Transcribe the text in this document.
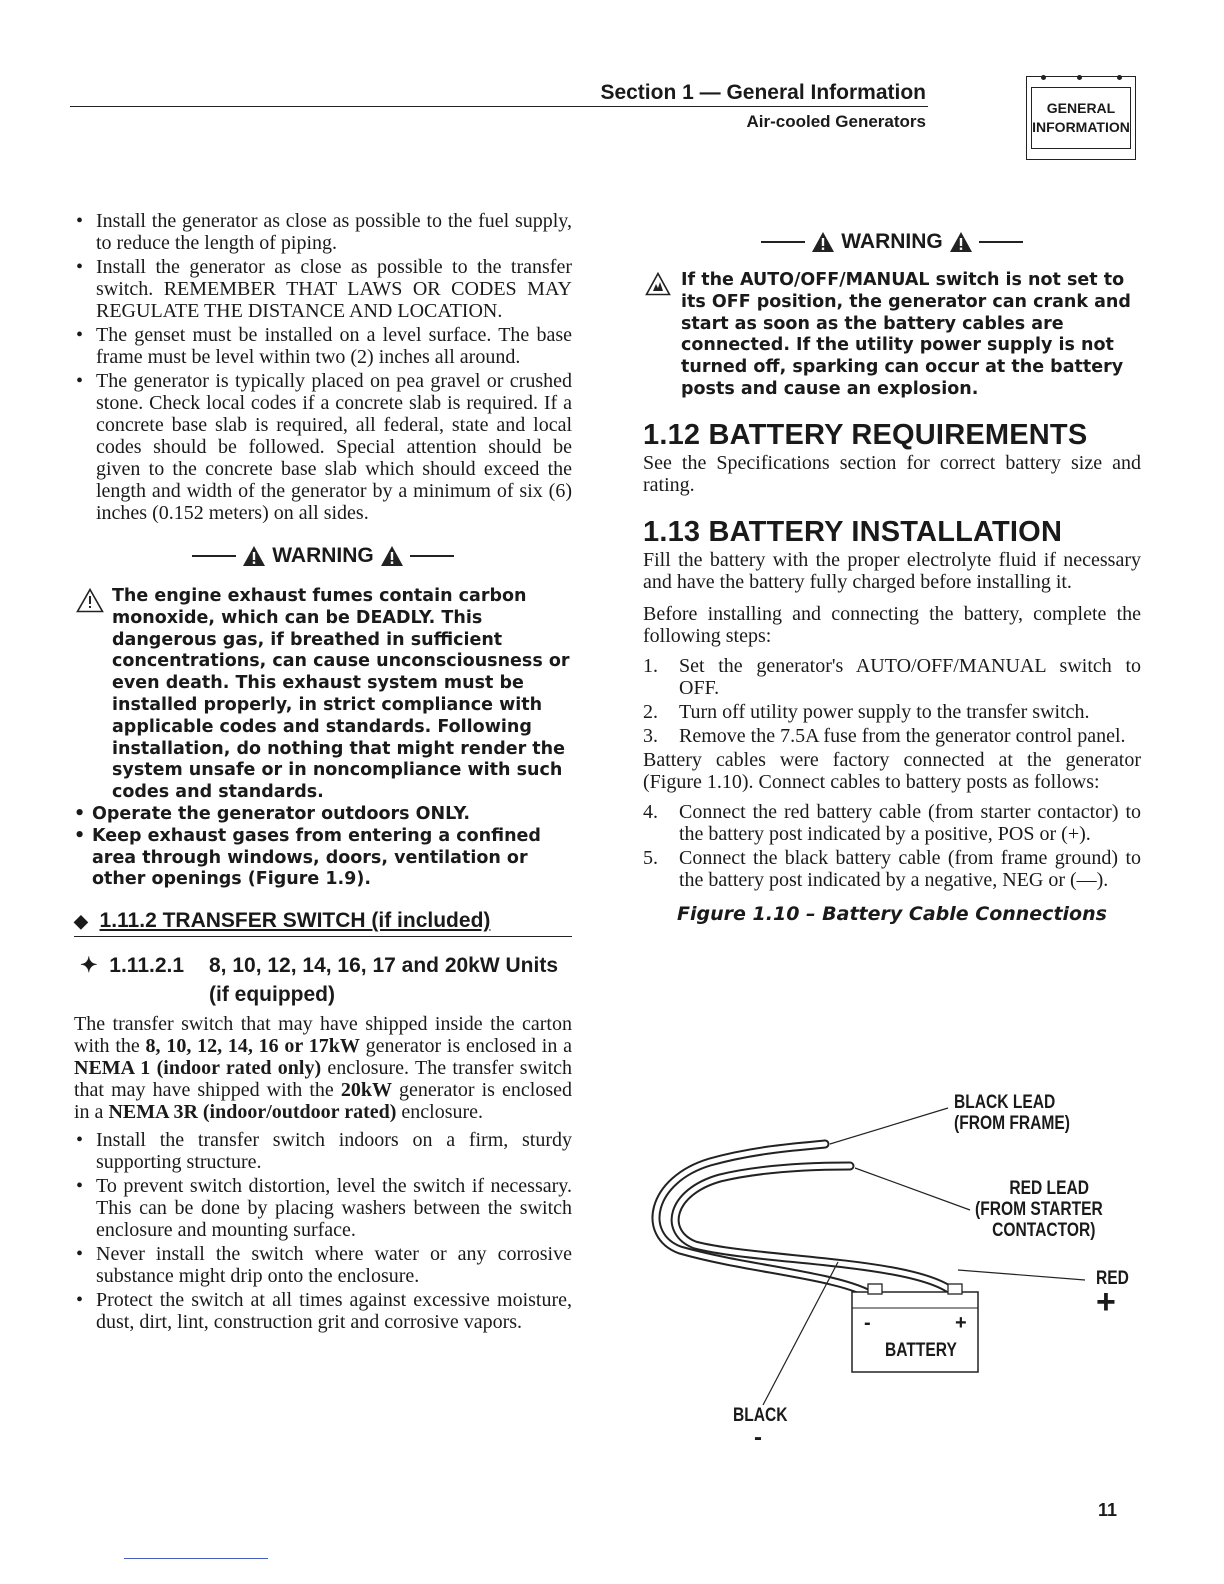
Section 1 — General Information
Air-cooled Generators
GENERAL
INFORMATION
• Install the generator as close as possible to the fuel supply, to reduce the length of piping.
• Install the generator as close as possible to the transfer switch. REMEMBER THAT LAWS OR CODES MAY REGULATE THE DISTANCE AND LOCATION.
• The genset must be installed on a level surface. The base frame must be level within two (2) inches all around.
• The generator is typically placed on pea gravel or crushed stone. Check local codes if a concrete slab is required. If a concrete base slab is required, all federal, state and local codes should be followed. Special attention should be given to the concrete base slab which should exceed the length and width of the generator by a minimum of six (6) inches (0.152 meters) on all sides.
WARNING
The engine exhaust fumes contain carbon monoxide, which can be DEADLY. This dangerous gas, if breathed in sufficient concentrations, can cause unconsciousness or even death. This exhaust system must be installed properly, in strict compliance with applicable codes and standards. Following installation, do nothing that might render the system unsafe or in noncompliance with such codes and standards.
• Operate the generator outdoors ONLY.
• Keep exhaust gases from entering a confined area through windows, doors, ventilation or other openings (Figure 1.9).
◆ 1.11.2 TRANSFER SWITCH (if included)
✦ 1.11.2.1 8, 10, 12, 14, 16, 17 and 20kW Units (if equipped)

The transfer switch that may have shipped inside the carton with the 8, 10, 12, 14, 16 or 17kW generator is enclosed in a NEMA 1 (indoor rated only) enclosure. The transfer switch that may have shipped with the 20kW generator is enclosed in a NEMA 3R (indoor/outdoor rated) enclosure.

• Install the transfer switch indoors on a firm, sturdy supporting structure.
• To prevent switch distortion, level the switch if necessary. This can be done by placing washers between the switch enclosure and mounting surface.
• Never install the switch where water or any corrosive substance might drip onto the enclosure.
• Protect the switch at all times against excessive moisture, dust, dirt, lint, construction grit and corrosive vapors.
WARNING
If the AUTO/OFF/MANUAL switch is not set to its OFF position, the generator can crank and start as soon as the battery cables are connected. If the utility power supply is not turned off, sparking can occur at the battery posts and cause an explosion.
1.12 BATTERY REQUIREMENTS

See the Specifications section for correct battery size and rating.

1.13 BATTERY INSTALLATION

Fill the battery with the proper electrolyte fluid if necessary and have the battery fully charged before installing it.

Before installing and connecting the battery, complete the following steps:

1. Set the generator's AUTO/OFF/MANUAL switch to OFF.
2. Turn off utility power supply to the transfer switch.
3. Remove the 7.5A fuse from the generator control panel.

Battery cables were factory connected at the generator (Figure 1.10). Connect cables to battery posts as follows:

4. Connect the red battery cable (from starter contactor) to the battery post indicated by a positive, POS or (+).
5. Connect the black battery cable (from frame ground) to the battery post indicated by a negative, NEG or (—).
Figure 1.10 – Battery Cable Connections
BLACK LEAD
(FROM FRAME)
RED LEAD
(FROM STARTER
CONTACTOR)
RED
+
-	+
BATTERY
BLACK
-
11
